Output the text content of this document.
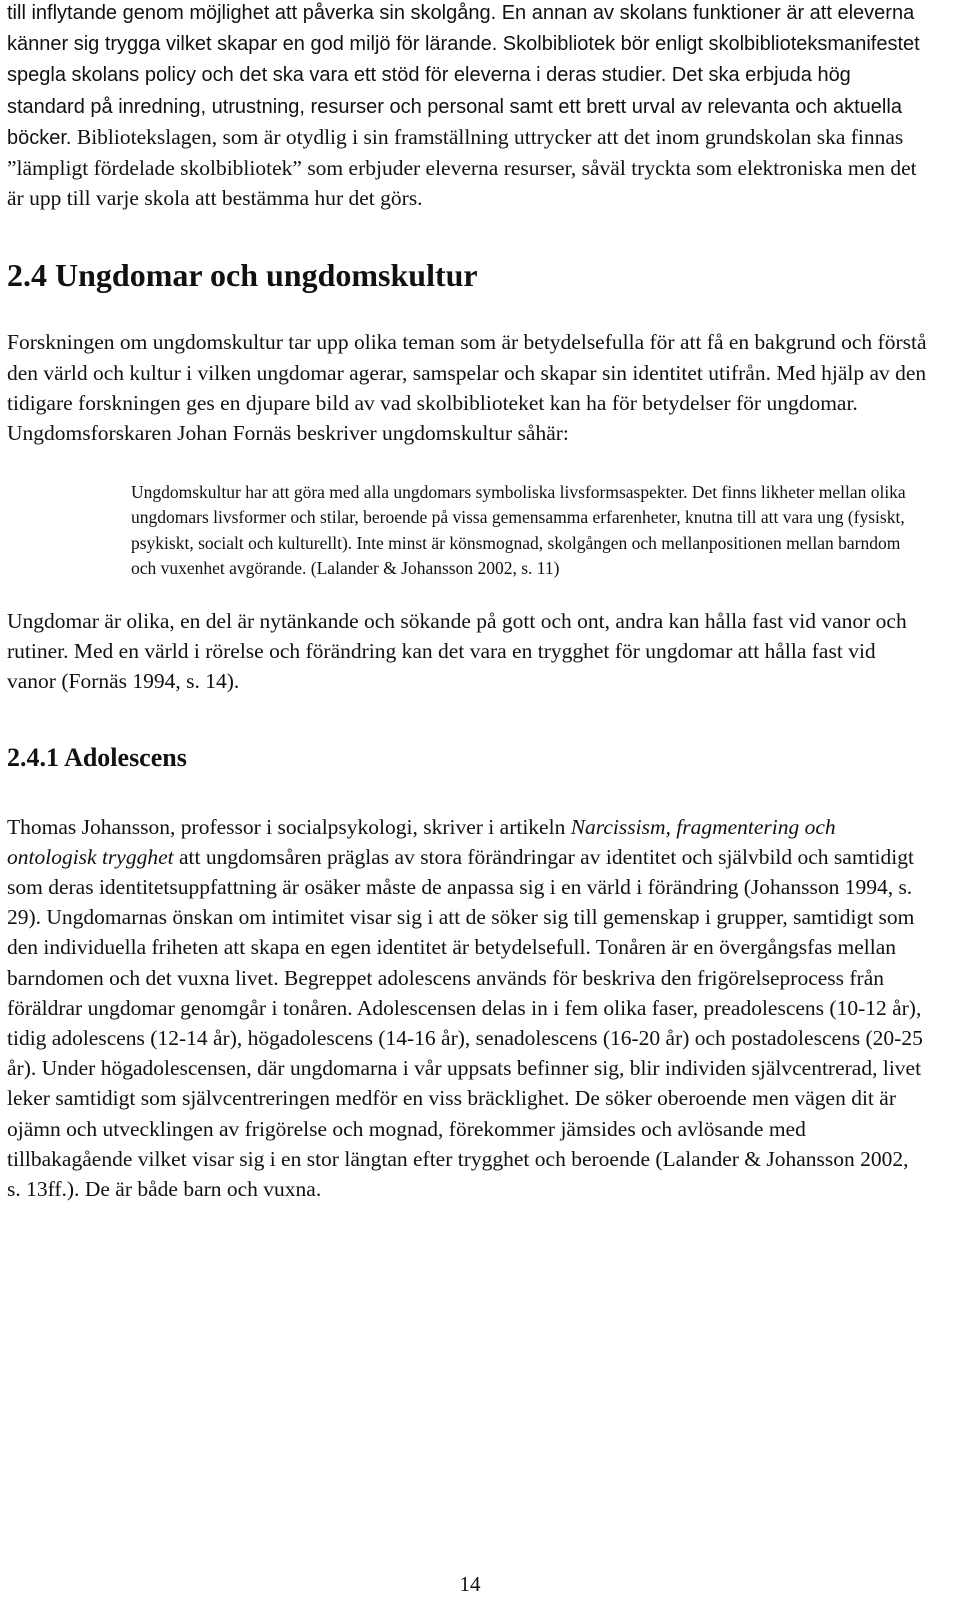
till inflytande genom möjlighet att påverka sin skolgång. En annan av skolans funktioner är att eleverna känner sig trygga vilket skapar en god miljö för lärande. Skolbibliotek bör enligt skolbiblioteksmanifestet spegla skolans policy och det ska vara ett stöd för eleverna i deras studier. Det ska erbjuda hög standard på inredning, utrustning, resurser och personal samt ett brett urval av relevanta och aktuella böcker. Bibliotekslagen, som är otydlig i sin framställning uttrycker att det inom grundskolan ska finnas ”lämpligt fördelade skolbibliotek” som erbjuder eleverna resurser, såväl tryckta som elektroniska men det är upp till varje skola att bestämma hur det görs.

2.4 Ungdomar och ungdomskultur

Forskningen om ungdomskultur tar upp olika teman som är betydelsefulla för att få en bakgrund och förstå den värld och kultur i vilken ungdomar agerar, samspelar och skapar sin identitet utifrån. Med hjälp av den tidigare forskningen ges en djupare bild av vad skolbiblioteket kan ha för betydelser för ungdomar. Ungdomsforskaren Johan Fornäs beskriver ungdomskultur såhär:

Ungdomskultur har att göra med alla ungdomars symboliska livsformsaspekter. Det finns likheter mellan olika ungdomars livsformer och stilar, beroende på vissa gemensamma erfarenheter, knutna till att vara ung (fysiskt, psykiskt, socialt och kulturellt). Inte minst är könsmognad, skolgången och mellanpositionen mellan barndom och vuxenhet avgörande. (Lalander & Johansson 2002, s. 11)

Ungdomar är olika, en del är nytänkande och sökande på gott och ont, andra kan hålla fast vid vanor och rutiner. Med en värld i rörelse och förändring kan det vara en trygghet för ungdomar att hålla fast vid vanor (Fornäs 1994, s. 14).

2.4.1 Adolescens

Thomas Johansson, professor i socialpsykologi, skriver i artikeln Narcissism, fragmentering och ontologisk trygghet att ungdomsåren präglas av stora förändringar av identitet och självbild och samtidigt som deras identitetsuppfattning är osäker måste de anpassa sig i en värld i förändring (Johansson 1994, s. 29). Ungdomarnas önskan om intimitet visar sig i att de söker sig till gemenskap i grupper, samtidigt som den individuella friheten att skapa en egen identitet är betydelsefull. Tonåren är en övergångsfas mellan barndomen och det vuxna livet. Begreppet adolescens används för beskriva den frigörelseprocess från föräldrar ungdomar genomgår i tonåren. Adolescensen delas in i fem olika faser, preadolescens (10-12 år), tidig adolescens (12-14 år), högadolescens (14-16 år), senadolescens (16-20 år) och postadolescens (20-25 år). Under högadolescensen, där ungdomarna i vår uppsats befinner sig, blir individen självcentrerad, livet leker samtidigt som självcentreringen medför en viss bräcklighet. De söker oberoende men vägen dit är ojämn och utvecklingen av frigörelse och mognad, förekommer jämsides och avlösande med tillbakagående vilket visar sig i en stor längtan efter trygghet och beroende (Lalander & Johansson 2002, s. 13ff.). De är både barn och vuxna.

14
